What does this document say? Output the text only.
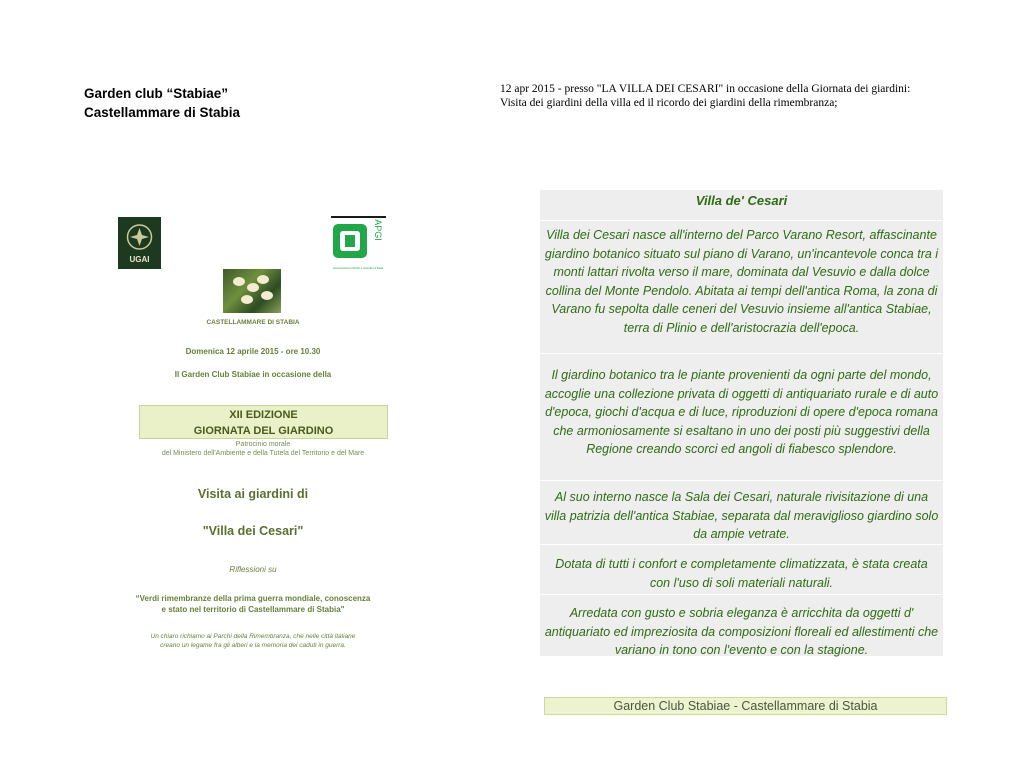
Garden club “Stabiae”
Castellammare di Stabia
12 apr 2015 - presso "LA VILLA DEI CESARI" in occasione della Giornata dei giardini:
Visita dei giardini della villa ed il ricordo dei giardini della rimembranza;
UGAI
APGI
Associazione Parchi e Giardini d'Italia
CASTELLAMMARE DI STABIA
Domenica 12 aprile 2015 - ore 10.30
Il Garden Club Stabiae in occasione della
XII EDIZIONE
GIORNATA DEL GIARDINO
Patrocinio morale
del Ministero dell'Ambiente e della Tutela del Territorio e del Mare
Visita ai giardini di
"Villa dei Cesari"
Riflessioni su
“Verdi rimembranze della prima guerra mondiale, conoscenza
e stato nel territorio di Castellammare di Stabia"
Un chiaro richiamo ai Parchi della Rimembranza, che nelle città italiane
creano un legame fra gli alberi e la memoria dei caduti in guerra.
Villa de' Cesari
Villa dei Cesari nasce all'interno del Parco Varano Resort, affascinante giardino botanico situato sul piano di Varano, un'incantevole conca tra i monti lattari rivolta verso il mare, dominata dal Vesuvio e dalla dolce collina del Monte Pendolo. Abitata ai tempi dell'antica Roma, la zona di Varano fu sepolta dalle ceneri del Vesuvio insieme all'antica Stabiae, terra di Plinio e dell'aristocrazia dell'epoca.
Il giardino botanico tra le piante provenienti da ogni parte del mondo, accoglie una collezione privata di oggetti di antiquariato rurale e di auto d'epoca, giochi d'acqua e di luce, riproduzioni di opere d'epoca romana che armoniosamente si esaltano in uno dei posti più suggestivi della Regione creando scorci ed angoli di fiabesco splendore.
Al suo interno nasce la Sala dei Cesari, naturale rivisitazione di una villa patrizia dell'antica Stabiae, separata dal meraviglioso giardino solo da ampie vetrate.
Dotata di tutti i confort e completamente climatizzata, è stata creata con l'uso di soli materiali naturali.
Arredata con gusto e sobria eleganza è arricchita da oggetti d' antiquariato ed impreziosita da composizioni floreali ed allestimenti che variano in tono con l'evento e con la stagione.
Garden Club Stabiae - Castellammare di Stabia
